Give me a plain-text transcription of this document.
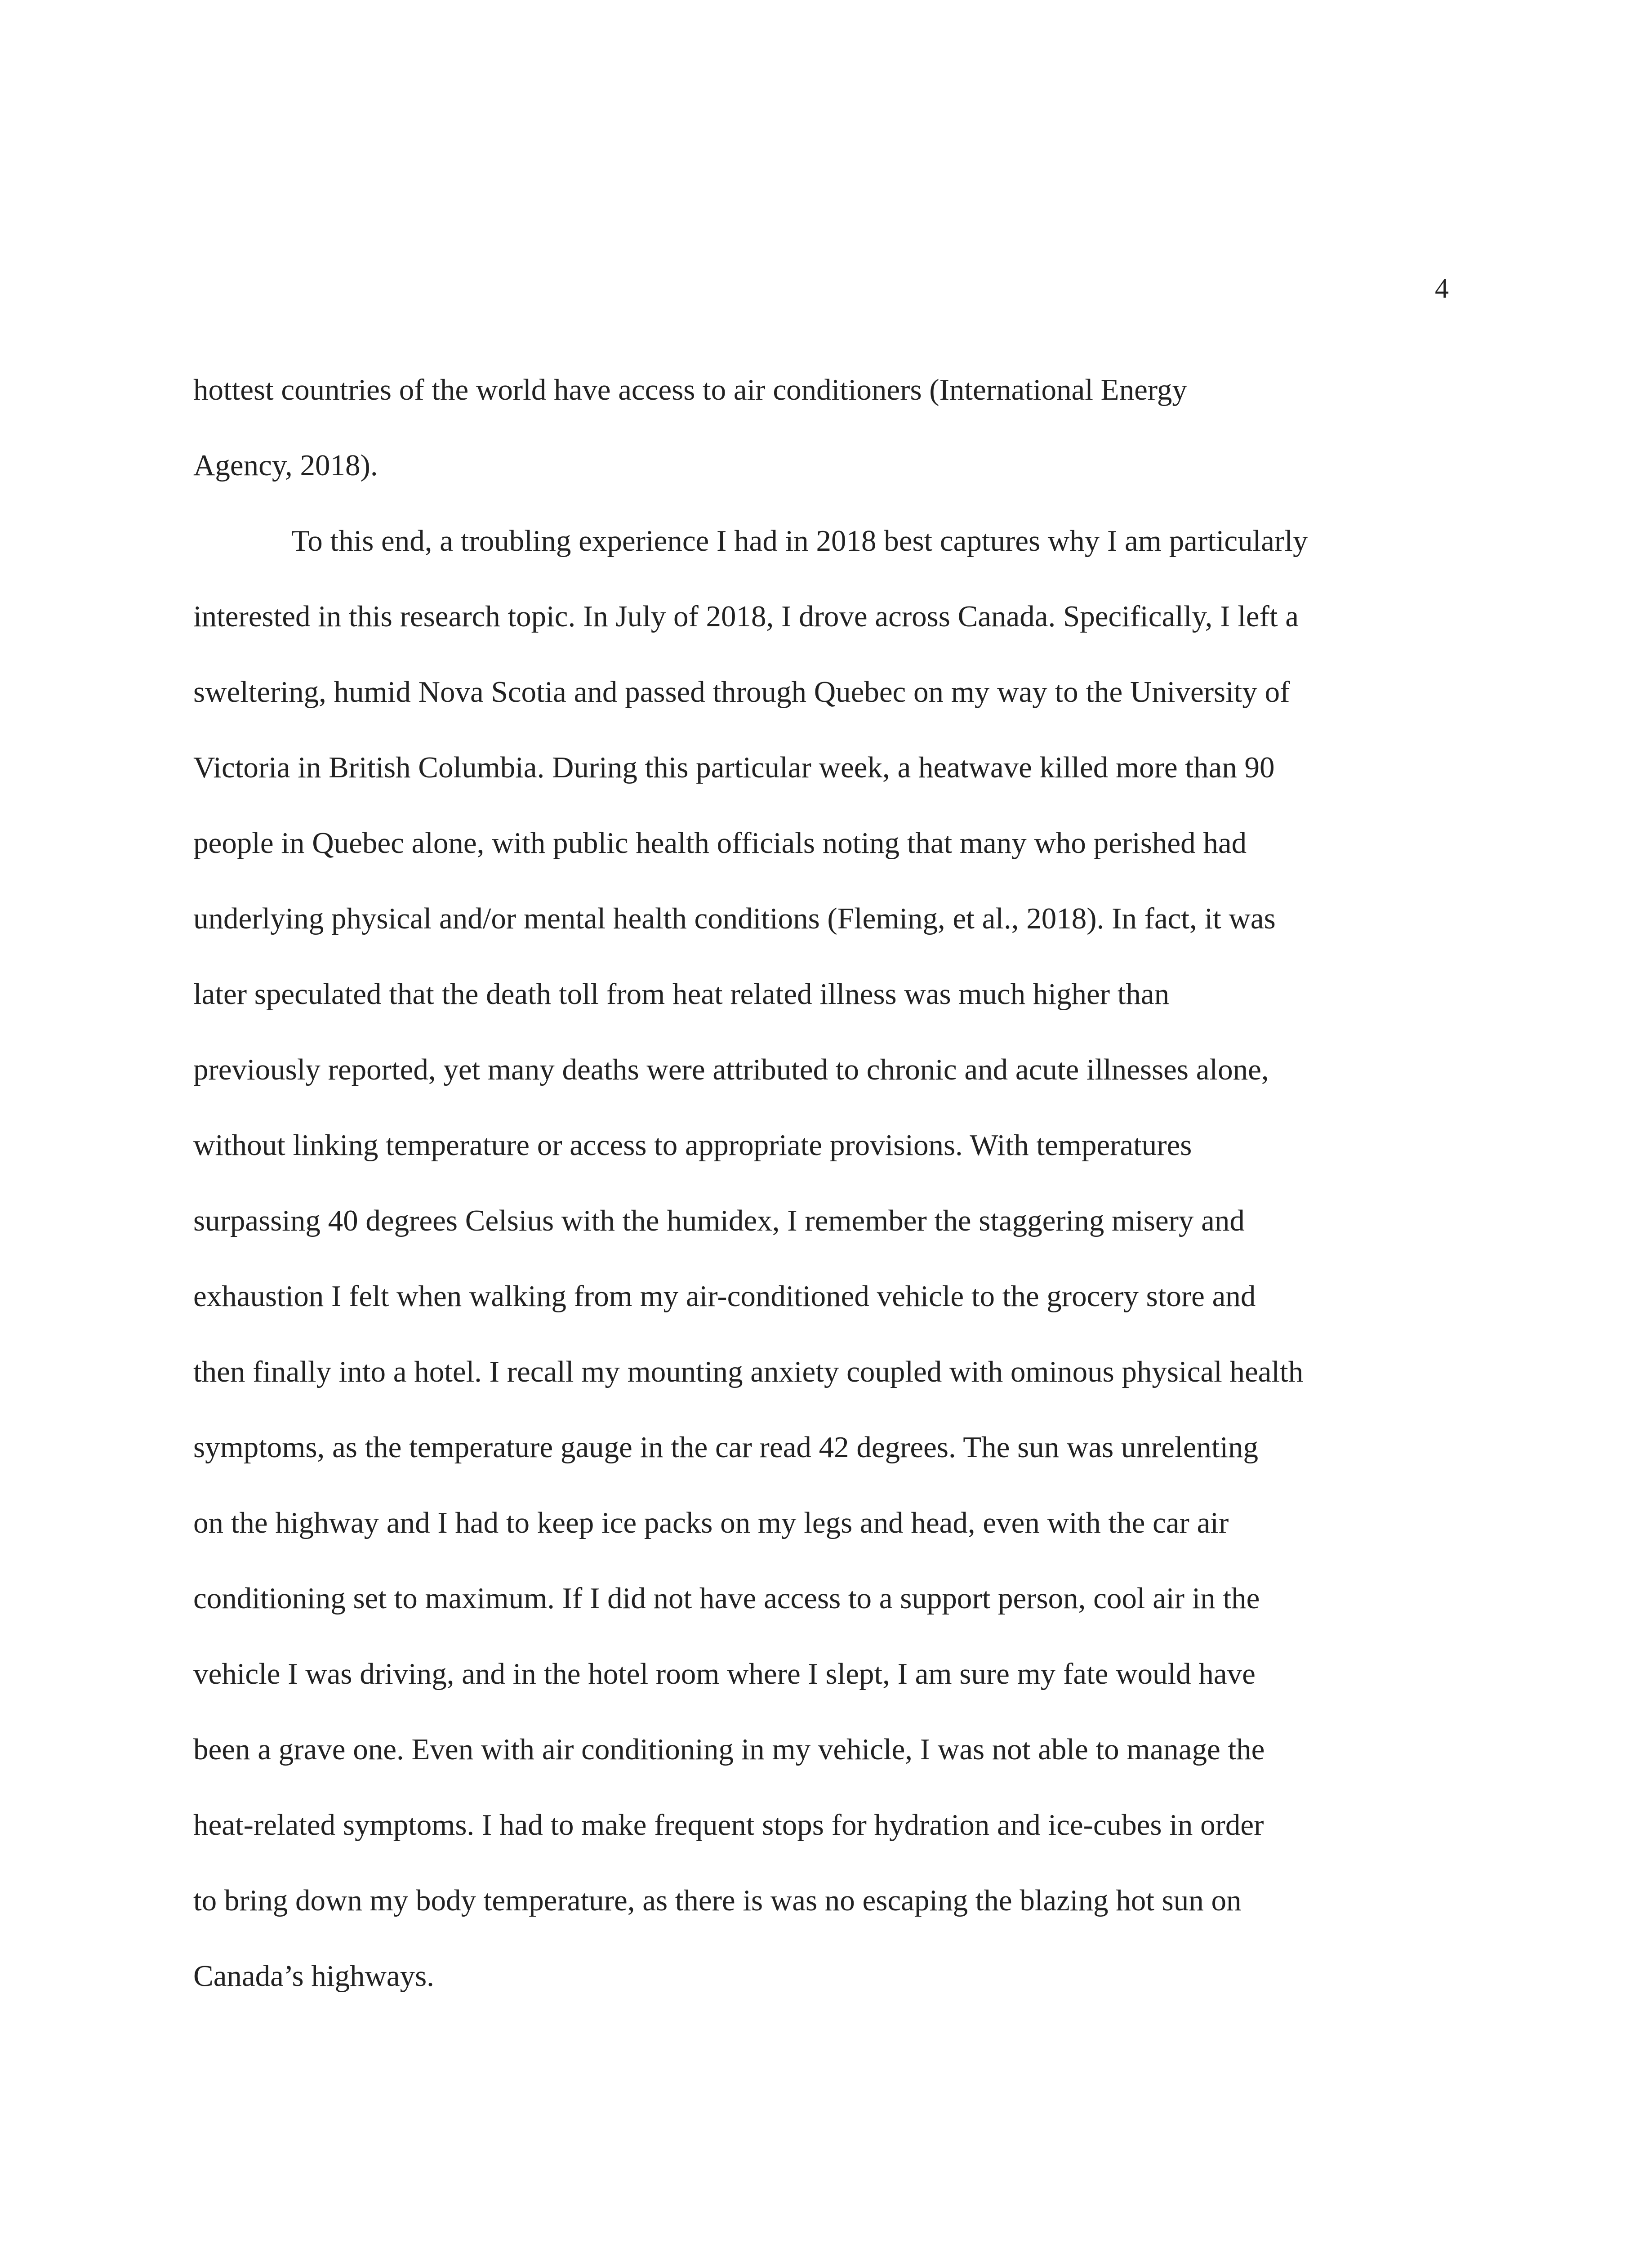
4
hottest countries of the world have access to air conditioners (International Energy
Agency, 2018).
To this end, a troubling experience I had in 2018 best captures why I am particularly
interested in this research topic. In July of 2018, I drove across Canada. Specifically, I left a
sweltering, humid Nova Scotia and passed through Quebec on my way to the University of
Victoria in British Columbia. During this particular week, a heatwave killed more than 90
people in Quebec alone, with public health officials noting that many who perished had
underlying physical and/or mental health conditions (Fleming, et al., 2018). In fact, it was
later speculated that the death toll from heat related illness was much higher than
previously reported, yet many deaths were attributed to chronic and acute illnesses alone,
without linking temperature or access to appropriate provisions. With temperatures
surpassing 40 degrees Celsius with the humidex, I remember the staggering misery and
exhaustion I felt when walking from my air-conditioned vehicle to the grocery store and
then finally into a hotel. I recall my mounting anxiety coupled with ominous physical health
symptoms, as the temperature gauge in the car read 42 degrees. The sun was unrelenting
on the highway and I had to keep ice packs on my legs and head, even with the car air
conditioning set to maximum. If I did not have access to a support person, cool air in the
vehicle I was driving, and in the hotel room where I slept, I am sure my fate would have
been a grave one. Even with air conditioning in my vehicle, I was not able to manage the
heat-related symptoms. I had to make frequent stops for hydration and ice-cubes in order
to bring down my body temperature, as there is was no escaping the blazing hot sun on
Canada’s highways.
